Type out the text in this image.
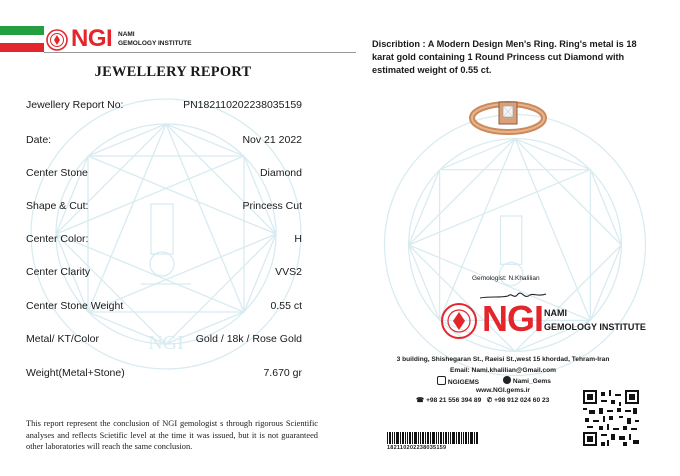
NGI NAMI
GEMOLOGY INSTITUTE
JEWELLERY REPORT
NGI
Jewellery Report No:	PN182110202238035159
Date:	Nov 21 2022
Center Stone	Diamond
Shape & Cut:	Princess Cut
Center Color:	H
Center Clarity	VVS2
Center Stone Weight	0.55 ct
Metal/ KT/Color	Gold / 18k / Rose Gold
Weight(Metal+Stone)	7.670 gr
This report represent the conclusion of NGI gemologist s through rigorous Scientific analyses and reflects Scietific level at the time it was issued, but it is not guaranteed other laboratories will reach the same conclusion.
Discribtion : A Modern Design Men's Ring. Ring's metal is 18 karat gold containing 1 Round Princess cut Diamond with estimated weight of 0.55 ct.
Gemologist: N.Khalilian
NGI NAMI
GEMOLOGY INSTITUTE
3 building, Shishegaran St., Raeisi St.,west 15 khordad, Tehram-Iran
Email: Nami.khalilian@Gmail.com
NGIGEMS	Nami_Gems
www.NGI.gems.ir
☎ +98 21 556 394 89 ✆ +98 912 024 60 23
182110202238035159
